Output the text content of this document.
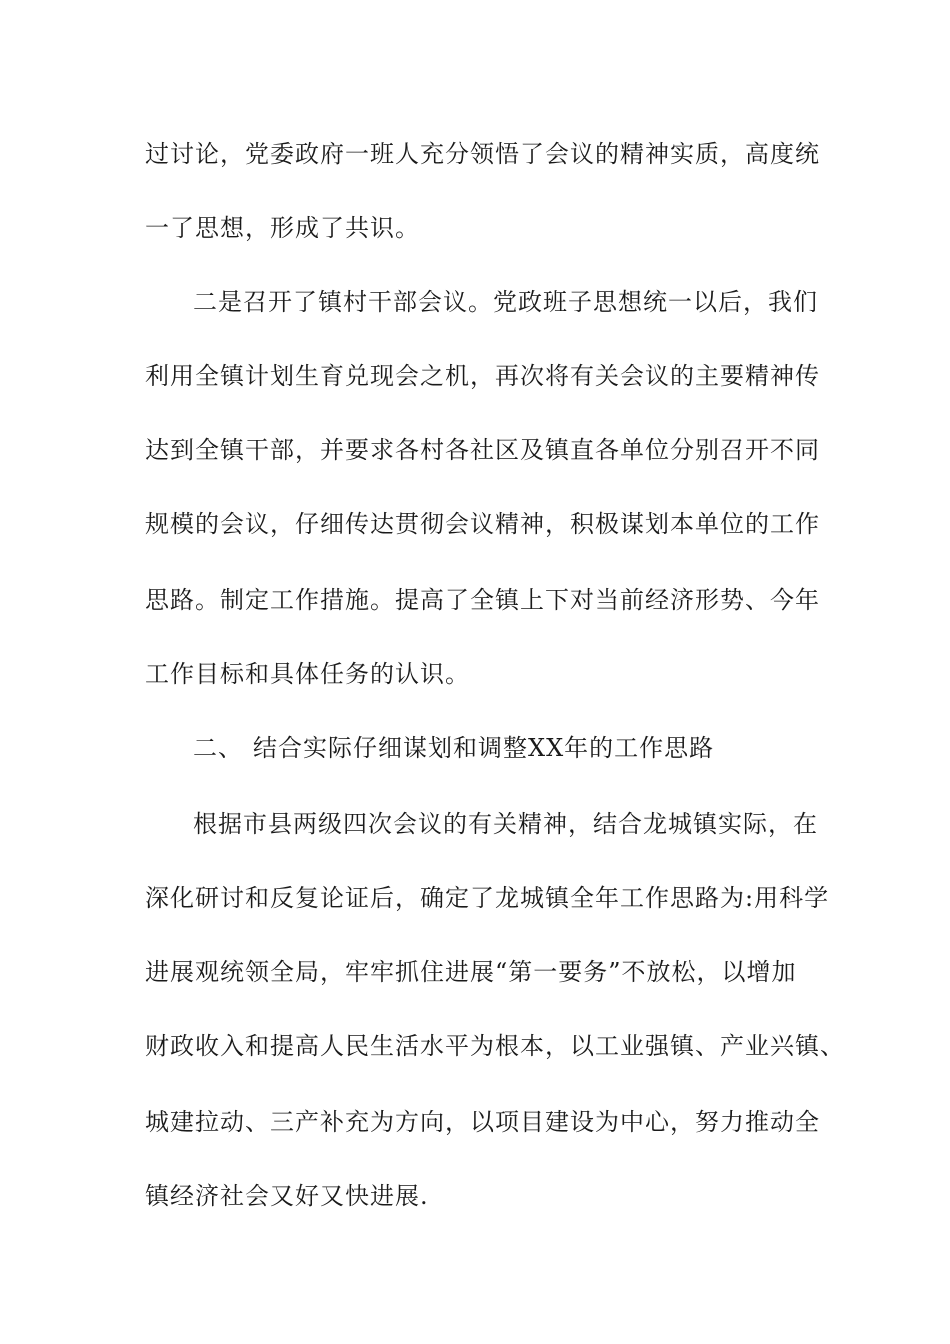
过讨论，党委政府一班人充分领悟了会议的精神实质，高度统
一了思想，形成了共识。
二是召开了镇村干部会议。党政班子思想统一以后，我们
利用全镇计划生育兑现会之机，再次将有关会议的主要精神传
达到全镇干部，并要求各村各社区及镇直各单位分别召开不同
规模的会议，仔细传达贯彻会议精神，积极谋划本单位的工作
思路。制定工作措施。提高了全镇上下对当前经济形势、今年
工作目标和具体任务的认识。
二、 结合实际仔细谋划和调整XX年的工作思路
根据市县两级四次会议的有关精神，结合龙城镇实际，在
深化研讨和反复论证后，确定了龙城镇全年工作思路为:用科学
进展观统领全局，牢牢抓住进展“第一要务”不放松，以增加
财政收入和提高人民生活水平为根本，以工业强镇、产业兴镇、
城建拉动、三产补充为方向，以项目建设为中心，努力推动全
镇经济社会又好又快进展.
